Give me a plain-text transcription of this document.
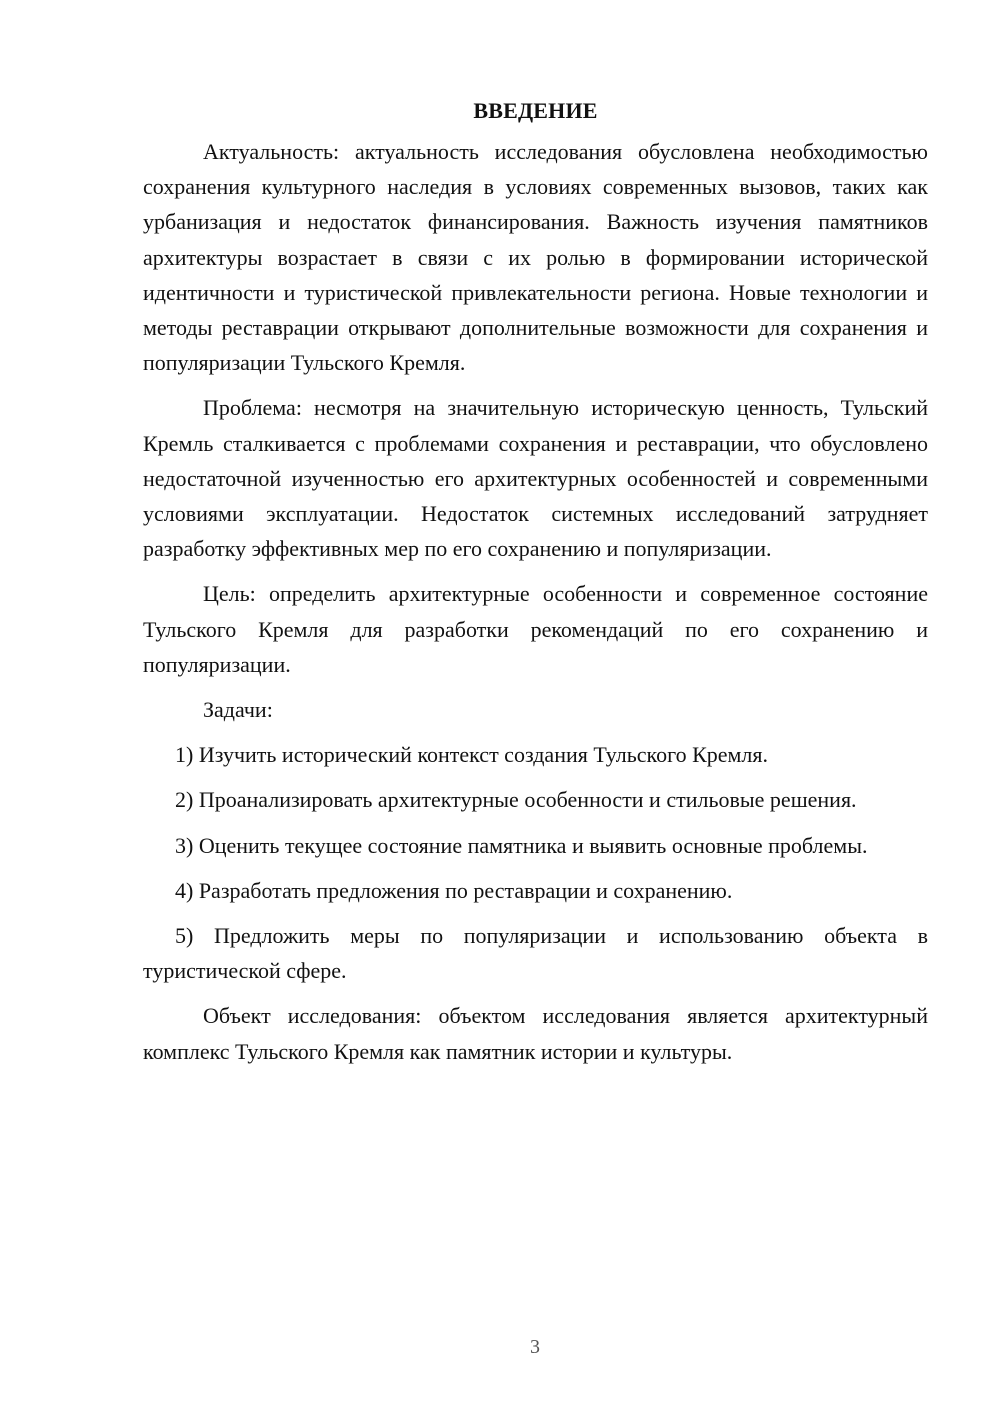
ВВЕДЕНИЕ

Актуальность: актуальность исследования обусловлена необходимостью сохранения культурного наследия в условиях современных вызовов, таких как урбанизация и недостаток финансирования. Важность изучения памятников архитектуры возрастает в связи с их ролью в формировании исторической идентичности и туристической привлекательности региона. Новые технологии и методы реставрации открывают дополнительные возможности для сохранения и популяризации Тульского Кремля.

Проблема: несмотря на значительную историческую ценность, Тульский Кремль сталкивается с проблемами сохранения и реставрации, что обусловлено недостаточной изученностью его архитектурных особенностей и современными условиями эксплуатации. Недостаток системных исследований затрудняет разработку эффективных мер по его сохранению и популяризации.

Цель: определить архитектурные особенности и современное состояние Тульского Кремля для разработки рекомендаций по его сохранению и популяризации.

Задачи:

1) Изучить исторический контекст создания Тульского Кремля.

2) Проанализировать архитектурные особенности и стильовые решения.

3) Оценить текущее состояние памятника и выявить основные проблемы.

4) Разработать предложения по реставрации и сохранению.

5) Предложить меры по популяризации и использованию объекта в туристической сфере.

Объект исследования: объектом исследования является архитектурный комплекс Тульского Кремля как памятник истории и культуры.

3
